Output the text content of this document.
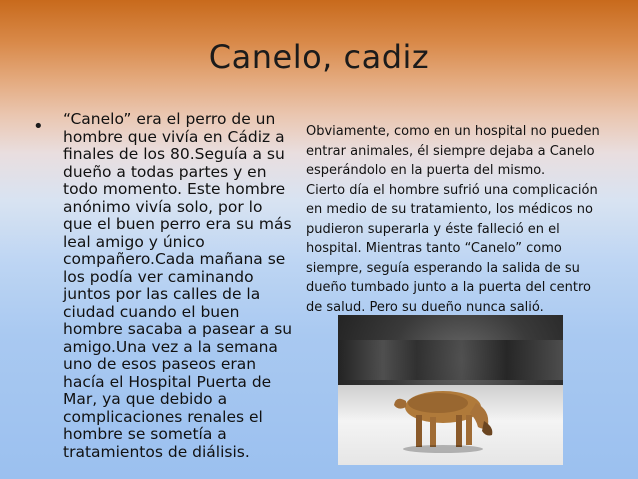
Canelo, cadiz
• “Canelo” era el perro de un hombre que vivía en Cádiz a finales de los 80.Seguía a su dueño a todas partes y en todo momento. Este hombre anónimo vivía solo, por lo que el buen perro era su más leal amigo y único compañero.Cada mañana se los podía ver caminando juntos por las calles de la ciudad cuando el buen hombre sacaba a pasear a su amigo.Una vez a la semana uno de esos paseos eran hacía el Hospital Puerta de Mar, ya que debido a complicaciones renales el hombre se sometía a tratamientos de diálisis.

Obviamente, como en un hospital no pueden entrar animales, él siempre dejaba a Canelo esperándolo en la puerta del mismo.

Cierto día el hombre sufrió una complicación en medio de su tratamiento, los médicos no pudieron superarla y éste falleció en el hospital. Mientras tanto “Canelo” como siempre, seguía esperando la salida de su dueño tumbado junto a la puerta del centro de salud. Pero su dueño nunca salió.
